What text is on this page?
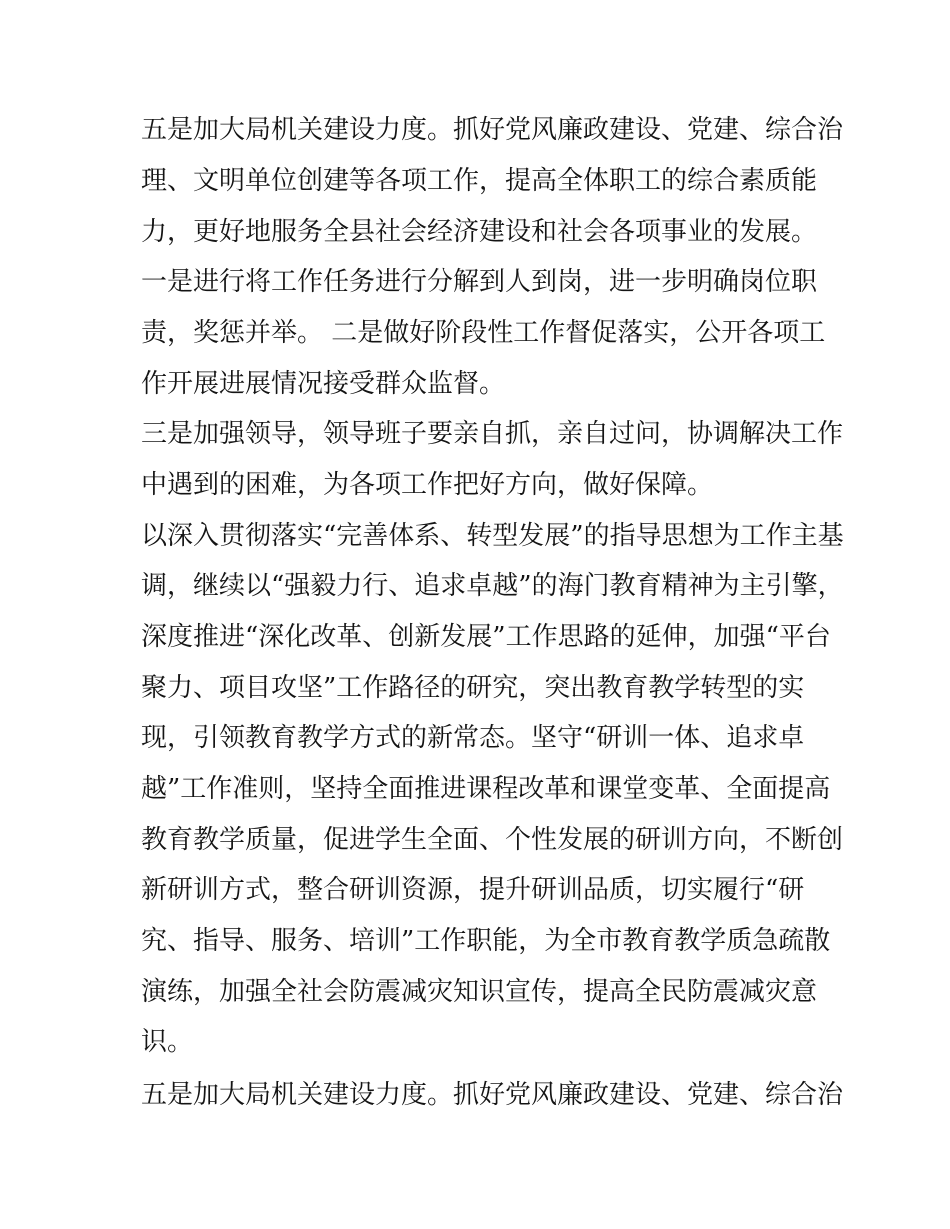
五是加大局机关建设力度。抓好党风廉政建设、党建、综合治
理、文明单位创建等各项工作，提高全体职工的综合素质能
力，更好地服务全县社会经济建设和社会各项事业的发展。
一是进行将工作任务进行分解到人到岗，进一步明确岗位职
责，奖惩并举。 二是做好阶段性工作督促落实，公开各项工
作开展进展情况接受群众监督。
三是加强领导，领导班子要亲自抓，亲自过问，协调解决工作
中遇到的困难，为各项工作把好方向，做好保障。
以深入贯彻落实“完善体系、转型发展”的指导思想为工作主基
调，继续以“强毅力行、追求卓越”的海门教育精神为主引擎，
深度推进“深化改革、创新发展”工作思路的延伸，加强“平台
聚力、项目攻坚”工作路径的研究，突出教育教学转型的实
现，引领教育教学方式的新常态。坚守“研训一体、追求卓
越”工作准则，坚持全面推进课程改革和课堂变革、全面提高
教育教学质量，促进学生全面、个性发展的研训方向，不断创
新研训方式，整合研训资源，提升研训品质，切实履行“研
究、指导、服务、培训”工作职能，为全市教育教学质急疏散
演练，加强全社会防震减灾知识宣传，提高全民防震减灾意
识。
五是加大局机关建设力度。抓好党风廉政建设、党建、综合治
